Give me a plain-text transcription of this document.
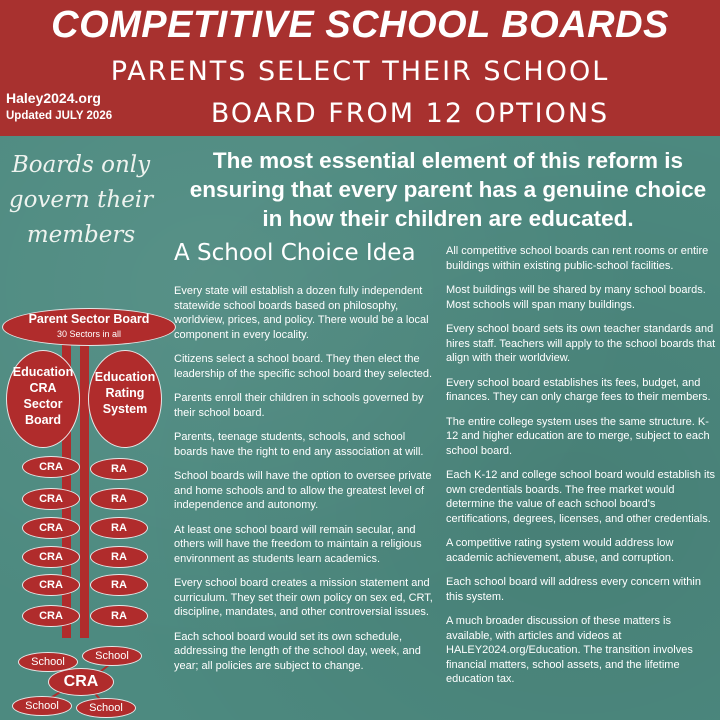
COMPETITIVE SCHOOL BOARDS
PARENTS SELECT THEIR SCHOOL
BOARD FROM 12 OPTIONS
Haley2024.org
Updated JULY 2026
Boards only
govern their
members
The most essential element of this reform is ensuring that every parent has a genuine choice in how their children are educated.
A School Choice Idea
Parent Sector Board
30 Sectors in all
Education
CRA
Sector
Board
Education
Rating
System
CRA
CRA
CRA
CRA
CRA
CRA
RA
RA
RA
RA
RA
RA
School	School
CRA
School	School

Every state will establish a dozen fully independent statewide school boards based on philosophy, worldview, prices, and policy. There would be a local component in every locality.

Citizens select a school board. They then elect the leadership of the specific school board they selected.

Parents enroll their children in schools governed by their school board.

Parents, teenage students, schools, and school boards have the right to end any association at will.

School boards will have the option to oversee private and home schools and to allow the greatest level of independence and autonomy.

At least one school board will remain secular, and others will have the freedom to maintain a religious environment as students learn academics.

Every school board creates a mission statement and curriculum. They set their own policy on sex ed, CRT, discipline, mandates, and other controversial issues.

Each school board would set its own schedule, addressing the length of the school day, week, and year; all policies are subject to change.

All competitive school boards can rent rooms or entire buildings within existing public-school facilities.

Most buildings will be shared by many school boards. Most schools will span many buildings.

Every school board sets its own teacher standards and hires staff. Teachers will apply to the school boards that align with their worldview.

Every school board establishes its fees, budget, and finances. They can only charge fees to their members.

The entire college system uses the same structure. K-12 and higher education are to merge, subject to each school board.

Each K-12 and college school board would establish its own credentials boards. The free market would determine the value of each school board's certifications, degrees, licenses, and other credentials.

A competitive rating system would address low academic achievement, abuse, and corruption.

Each school board will address every concern within this system.

A much broader discussion of these matters is available, with articles and videos at HALEY2024.org/Education. The transition involves financial matters, school assets, and the lifetime education tax.
